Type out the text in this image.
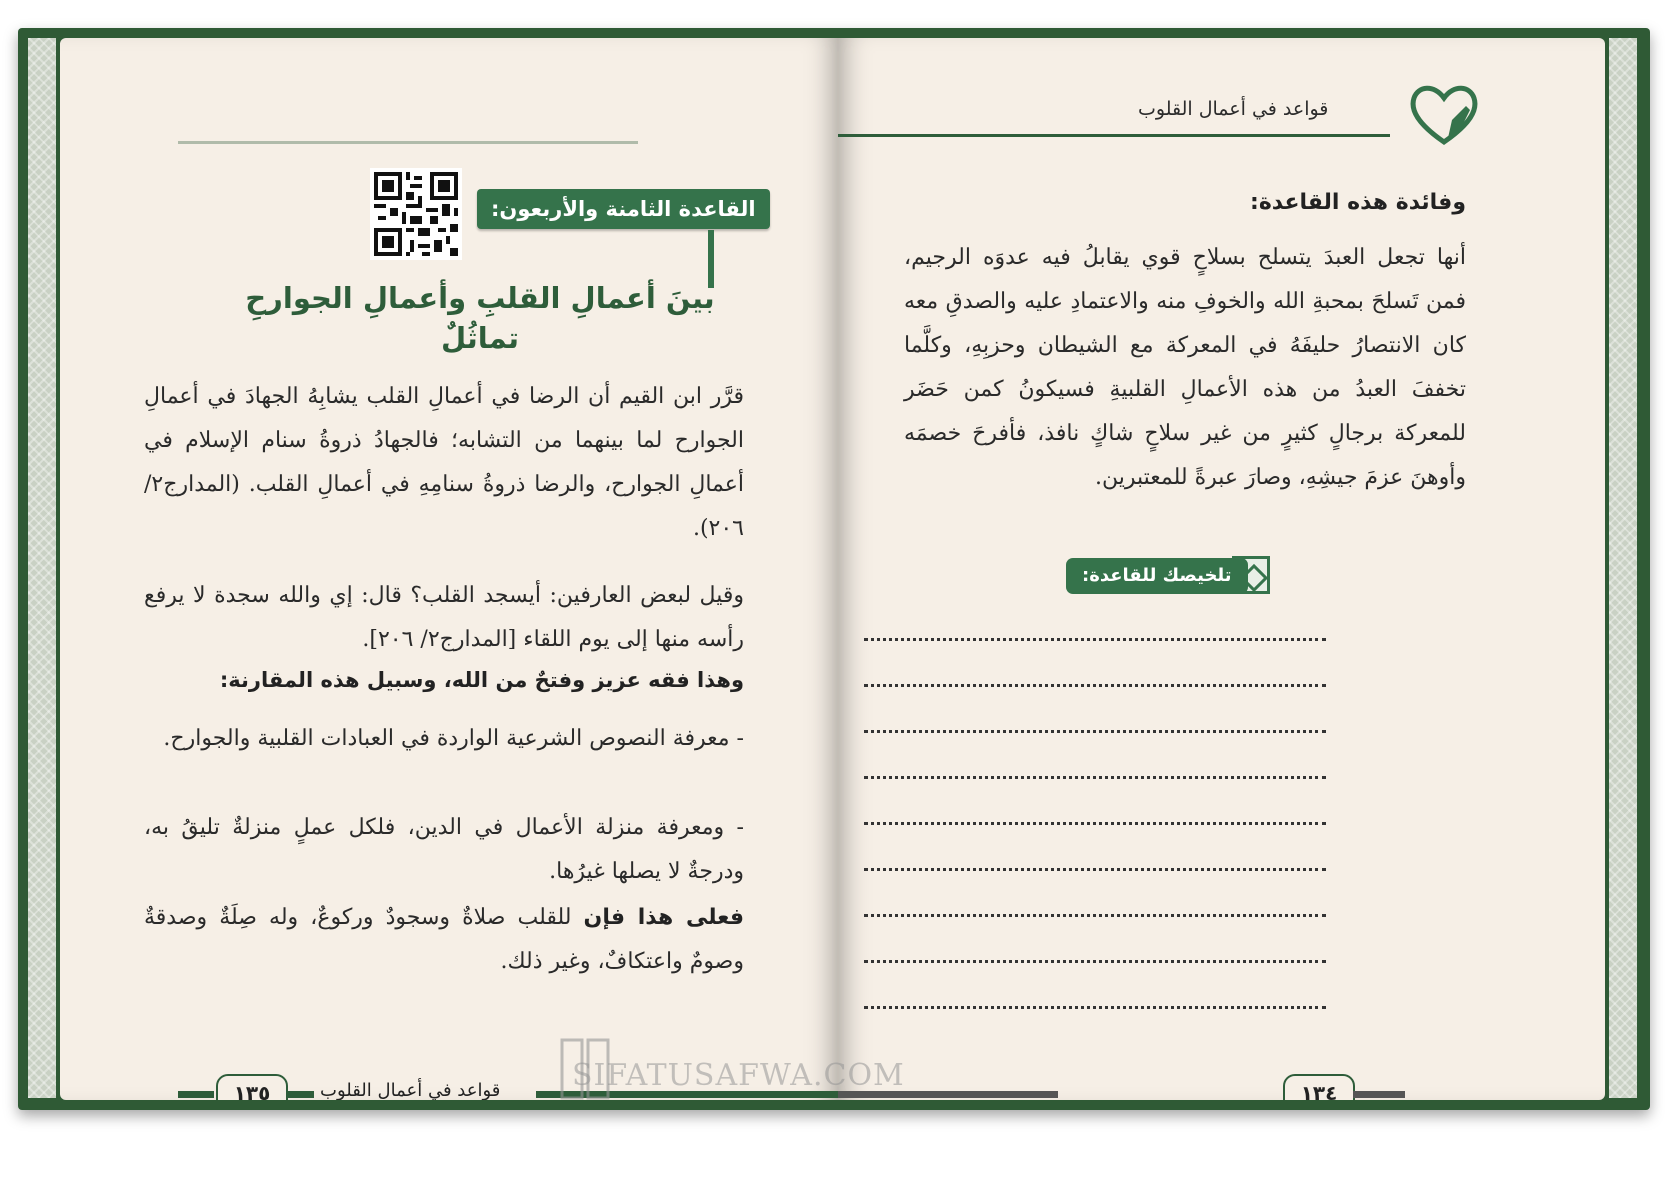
القاعدة الثامنة والأربعون:
بينَ أعمالِ القلبِ وأعمالِ الجوارحِ تماثُلٌ
قرَّر ابن القيم أن الرضا في أعمالِ القلب يشابِهُ الجهادَ في أعمالِ الجوارح لما بينهما من التشابه؛ فالجهادُ ذروةُ سنام الإسلام في أعمالِ الجوارح، والرضا ذروةُ سنامِهِ في أعمالِ القلب. (المدارج٢/ ٢٠٦).
وقيل لبعض العارفين: أيسجد القلب؟ قال: إي والله سجدة لا يرفع رأسه منها إلى يوم اللقاء [المدارج٢/ ٢٠٦].
وهذا فقه عزيز وفتحٌ من الله، وسبيل هذه المقارنة:
- معرفة النصوص الشرعية الواردة في العبادات القلبية والجوارح.
- ومعرفة منزلة الأعمال في الدين، فلكل عملٍ منزلةٌ تليقُ به، ودرجةٌ لا يصلها غيرُها.
فعلى هذا فإن للقلب صلاةٌ وسجودٌ وركوعٌ، وله صِلَةٌ وصدقةٌ وصومٌ واعتكافٌ، وغير ذلك.
١٣٥	قواعد في أعمال القلوب
قواعد في أعمال القلوب
وفائدة هذه القاعدة:
أنها تجعل العبدَ يتسلح بسلاحٍ قوي يقابلُ فيه عدوَه الرجيم، فمن تَسلحَ بمحبةِ الله والخوفِ منه والاعتمادِ عليه والصدقِ معه كان الانتصارُ حليفَهُ في المعركة مع الشيطان وحزبِهِ، وكلَّما تخففَ العبدُ من هذه الأعمالِ القلبيةِ فسيكونُ كمن حَضَر للمعركة برجالٍ كثيرٍ من غير سلاحٍ شاكٍ نافذ، فأفرحَ خصمَه وأوهنَ عزمَ جيشِهِ، وصارَ عبرةً للمعتبرين.
تلخيصك للقاعدة:
١٣٤
SIFATUSAFWA.COM
